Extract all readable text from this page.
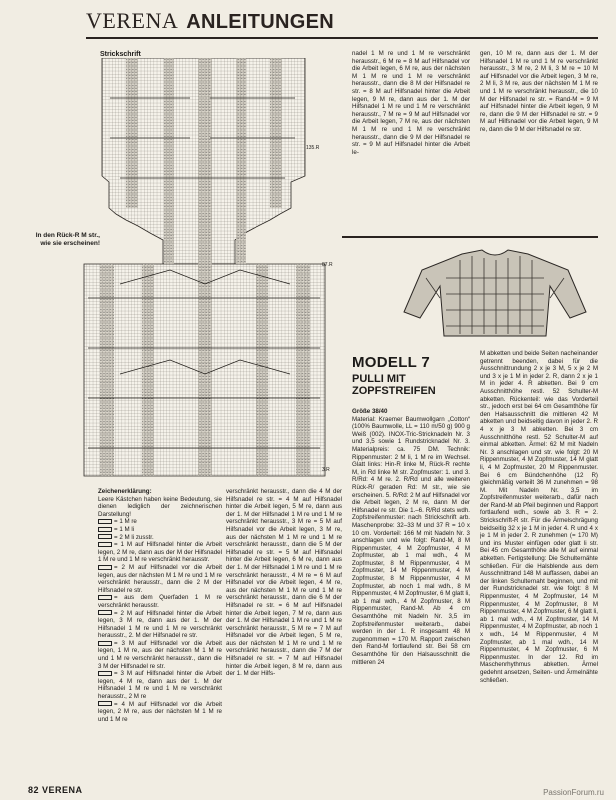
VERENA ANLEITUNGEN
Strickschrift
135.R
87.R
3.R
In den Rück-R M str., wie sie erscheinen!

Zeichenerklärung:

Leere Kästchen haben keine Bedeutung, sie dienen lediglich der zeichnerischen Darstellung!

= 1 M re

= 1 M li

= 2 M li zusstr.

= 1 M auf Hilfsnadel hinter die Arbeit legen, 2 M re, dann aus der M der Hilfsnadel 1 M re und 1 M re verschränkt herausstr.

= 2 M auf Hilfsnadel vor die Arbeit legen, aus der nächsten M 1 M re und 1 M re verschränkt herausstr., dann die 2 M der Hilfsnadel re str.

= aus dem Querfaden 1 M re verschränkt herausstr.

= 2 M auf Hilfsnadel hinter die Arbeit legen, 3 M re, dann aus der 1. M der Hilfsnadel 1 M re und 1 M re verschränkt herausstr., 2. M der Hilfsnadel re str.

= 3 M auf Hilfsnadel vor die Arbeit legen, 1 M re, aus der nächsten M 1 M re und 1 M re verschränkt herausstr., dann die 3 M der Hilfsnadel re str.

= 3 M auf Hilfsnadel hinter die Arbeit legen, 4 M re, dann aus der 1. M der Hilfsnadel 1 M re und 1 M re verschränkt herausstr., 2 M re

= 4 M auf Hilfsnadel vor die Arbeit legen, 2 M re, aus der nächsten M 1 M re und 1 M re

verschränkt herausstr., dann die 4 M der Hilfsnadel re str. = 4 M auf Hilfsnadel hinter die Arbeit legen, 5 M re, dann aus der 1. M der Hilfsnadel 1 M re und 1 M re verschränkt herausstr., 3 M re = 5 M auf Hilfsnadel vor die Arbeit legen, 3 M re, aus der nächsten M 1 M re und 1 M re verschränkt herausstr., dann die 5 M der Hilfsnadel re str. = 5 M auf Hilfsnadel hinter die Arbeit legen, 6 M re, dann aus der 1. M der Hilfsnadel 1 M re und 1 M re verschränkt herausstr., 4 M re = 6 M auf Hilfsnadel vor die Arbeit legen, 4 M re, aus der nächsten M 1 M re und 1 M re verschränkt herausstr., dann die 6 M der Hilfsnadel re str. = 6 M auf Hilfsnadel hinter die Arbeit legen, 7 M re, dann aus der 1. M der Hilfsnadel 1 M re und 1 M re verschränkt herausstr., 5 M re = 7 M auf Hilfsnadel vor die Arbeit legen, 5 M re, aus der nächsten M 1 M re und 1 M re verschränkt herausstr., dann die 7 M der Hilfsnadel re str. = 7 M auf Hilfsnadel hinter die Arbeit legen, 8 M re, dann aus der 1. M der Hilfs-

nadel 1 M re und 1 M re verschränkt herausstr., 6 M re = 8 M auf Hilfsnadel vor die Arbeit legen, 6 M re, aus der nächsten M 1 M re und 1 M re verschränkt herausstr., dann die 8 M der Hilfsnadel re str. = 8 M auf Hilfsnadel hinter die Arbeit legen, 9 M re, dann aus der 1. M der Hilfsnadel 1 M re und 1 M re verschränkt herausstr., 7 M re = 9 M auf Hilfsnadel vor die Arbeit legen, 7 M re, aus der nächsten M 1 M re und 1 M re verschränkt herausstr., dann die 9 M der Hilfsnadel re str. = 9 M auf Hilfsnadel hinter die Arbeit le-

gen, 10 M re, dann aus der 1. M der Hilfsnadel 1 M re und 1 M re verschränkt herausstr., 3 M re, 2 M li, 3 M re = 10 M auf Hilfsnadel vor die Arbeit legen, 3 M re, 2 M li, 3 M re, aus der nächsten M 1 M re und 1 M re verschränkt herausstr., die 10 M der Hilfsnadel re str. = Rand-M = 9 M auf Hilfsnadel hinter die Arbeit legen, 9 M re, dann die 9 M der Hilfsnadel re str. = 9 M auf Hilfsnadel vor die Arbeit legen, 9 M re, dann die 9 M der Hilfsnadel re str.

MODELL 7
PULLI MIT ZOPFSTREIFEN

Größe 38/40

Material: Kraemer Baumwollgarn „Cotton“ (100% Baumwolle, LL = 110 m/50 g) 900 g Weiß (002). INOX-Tric-Stricknadeln Nr. 3 und 3,5 sowie 1 Rundstricknadel Nr. 3. Materialpreis: ca. 75 DM. Technik: Rippenmuster: 2 M li, 1 M re im Wechsel. Glatt links: Hin-R linke M, Rück-R rechte M, in Rd linke M str. Zopfmuster: 1. und 3. R/Rd: 4 M re. 2. R/Rd und alle weiteren Rück-R/ geraden Rd: M str., wie sie erscheinen. 5. R/Rd: 2 M auf Hilfsnadel vor die Arbeit legen, 2 M re, dann M der Hilfsnadel re str. Die 1.–6. R/Rd stets wdh. Zopfstreifenmuster: nach Strickschrift arb. Maschenprobe: 32–33 M und 37 R = 10 x 10 cm. Vorderteil: 166 M mit Nadeln Nr. 3 anschlagen und wie folgt: Rand-M, 8 M Rippenmuster, 4 M Zopfmuster, 4 M Zopfmuster, ab 1 mal wdh., 4 M Zopfmuster, 8 M Rippenmuster, 4 M Zopfmuster, 14 M Rippenmuster, 4 M Zopfmuster, 8 M Rippenmuster, 4 M Zopfmuster, ab noch 1 mal wdh., 8 M Rippenmuster, 4 M Zopfmuster, 6 M glatt li, ab 1 mal wdh., 4 M Zopfmuster, 8 M Rippenmuster, Rand-M. Ab 4 cm Gesamthöhe mit Nadeln Nr. 3,5 im Zopfstreifenmuster weiterarb., dabei werden in der 1. R insgesamt 48 M zugenommen = 170 M. Rapport zwischen den Rand-M fortlaufend str. Bei 58 cm Gesamthöhe für den Halsausschnitt die mittleren 24

M abketten und beide Seiten nacheinander getrennt beenden, dabei für die Ausschnittrundung 2 x je 3 M, 5 x je 2 M und 3 x je 1 M in jeder 2. R, dann 2 x je 1 M in jeder 4. R abketten. Bei 9 cm Ausschnitthöhe restl. 52 Schulter-M abketten. Rückenteil: wie das Vorderteil str., jedoch erst bei 64 cm Gesamthöhe für den Halsausschnitt die mittleren 42 M abketten und beidseitig davon in jeder 2. R 4 x je 3 M abketten. Bei 3 cm Ausschnitthöhe restl. 52 Schulter-M auf einmal abketten. Ärmel: 62 M mit Nadeln Nr. 3 anschlagen und str. wie folgt: 20 M Rippenmuster, 4 M Zopfmuster, 14 M glatt li, 4 M Zopfmuster, 20 M Rippenmuster. Bei 6 cm Bündchenhöhe (12 R) gleichmäßig verteilt 36 M zunehmen = 98 M. Mit Nadeln Nr. 3,5 im Zopfstreifenmuster weiterarb., dafür nach der Rand-M ab Pfeil beginnen und Rapport fortlaufend wdh., sowie ab 3. R = 2. Strickschrift-R str. Für die Ärmelschrägung beidseitig 32 x je 1 M in jeder 4. R und 4 x je 1 M in jeder 2. R zunehmen (= 170 M) und ins Muster einfügen oder glatt li str. Bei 45 cm Gesamthöhe alle M auf einmal abketten. Fertigstellung: Die Schulternähte schließen. Für die Halsblende aus dem Ausschnittrand 148 M auffassen, dabei an der linken Schulternaht beginnen, und mit der Rundstricknadel str. wie folgt: 8 M Rippenmuster, 4 M Zopfmuster, 14 M Rippenmuster, 4 M Zopfmuster, 8 M Rippenmuster, 4 M Zopfmuster, 6 M glatt li, ab 1 mal wdh., 4 M Zopfmuster, 14 M Rippenmuster, 4 M Zopfmuster, ab noch 1 x wdh., 14 M Rippenmuster, 4 M Zopfmuster, ab 1 mal wdh., 14 M Rippenmuster, 4 M Zopfmuster, 6 M Rippenmuster. In der 12. Rd im Maschenrhythmus abketten. Ärmel gedehnt ansetzen, Seiten- und Ärmelnähte schließen.

82 VERENA	PassionForum.ru
